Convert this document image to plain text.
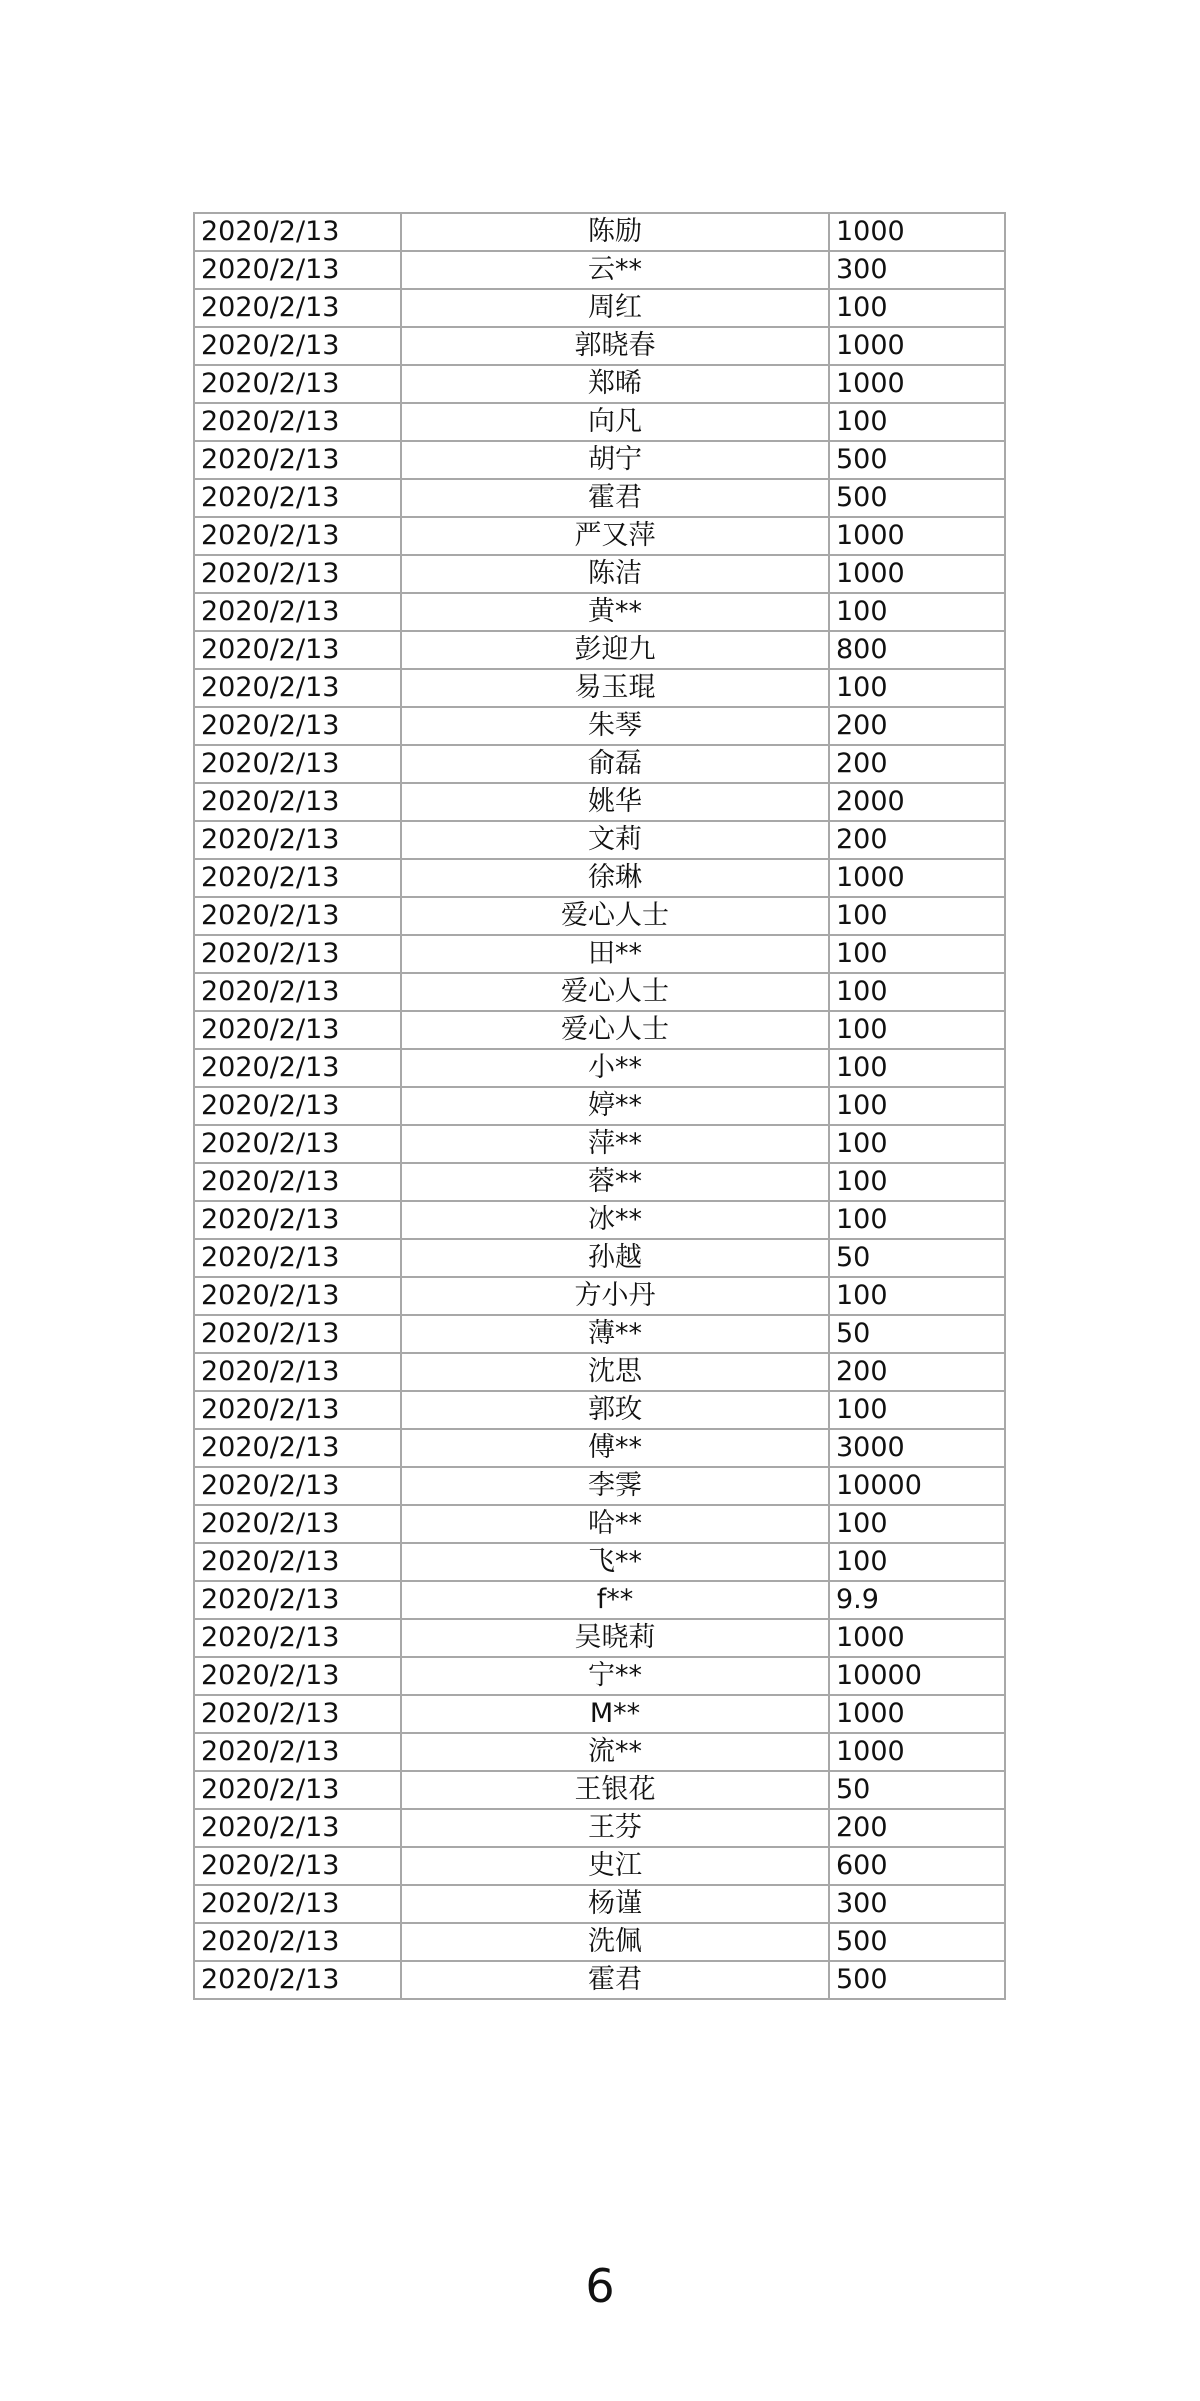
2020/2/13	陈励	1000
2020/2/13	云**	300
2020/2/13	周红	100
2020/2/13	郭晓春	1000
2020/2/13	郑晞	1000
2020/2/13	向凡	100
2020/2/13	胡宁	500
2020/2/13	霍君	500
2020/2/13	严又萍	1000
2020/2/13	陈洁	1000
2020/2/13	黄**	100
2020/2/13	彭迎九	800
2020/2/13	易玉琨	100
2020/2/13	朱琴	200
2020/2/13	俞磊	200
2020/2/13	姚华	2000
2020/2/13	文莉	200
2020/2/13	徐琳	1000
2020/2/13	爱心人士	100
2020/2/13	田**	100
2020/2/13	爱心人士	100
2020/2/13	爱心人士	100
2020/2/13	小**	100
2020/2/13	婷**	100
2020/2/13	萍**	100
2020/2/13	蓉**	100
2020/2/13	冰**	100
2020/2/13	孙越	50
2020/2/13	方小丹	100
2020/2/13	薄**	50
2020/2/13	沈思	200
2020/2/13	郭玫	100
2020/2/13	傅**	3000
2020/2/13	李霁	10000
2020/2/13	哈**	100
2020/2/13	飞**	100
2020/2/13	f**	9.9
2020/2/13	吴晓莉	1000
2020/2/13	宁**	10000
2020/2/13	M**	1000
2020/2/13	流**	1000
2020/2/13	王银花	50
2020/2/13	王芬	200
2020/2/13	史江	600
2020/2/13	杨谨	300
2020/2/13	洗佩	500
2020/2/13	霍君	500
6
